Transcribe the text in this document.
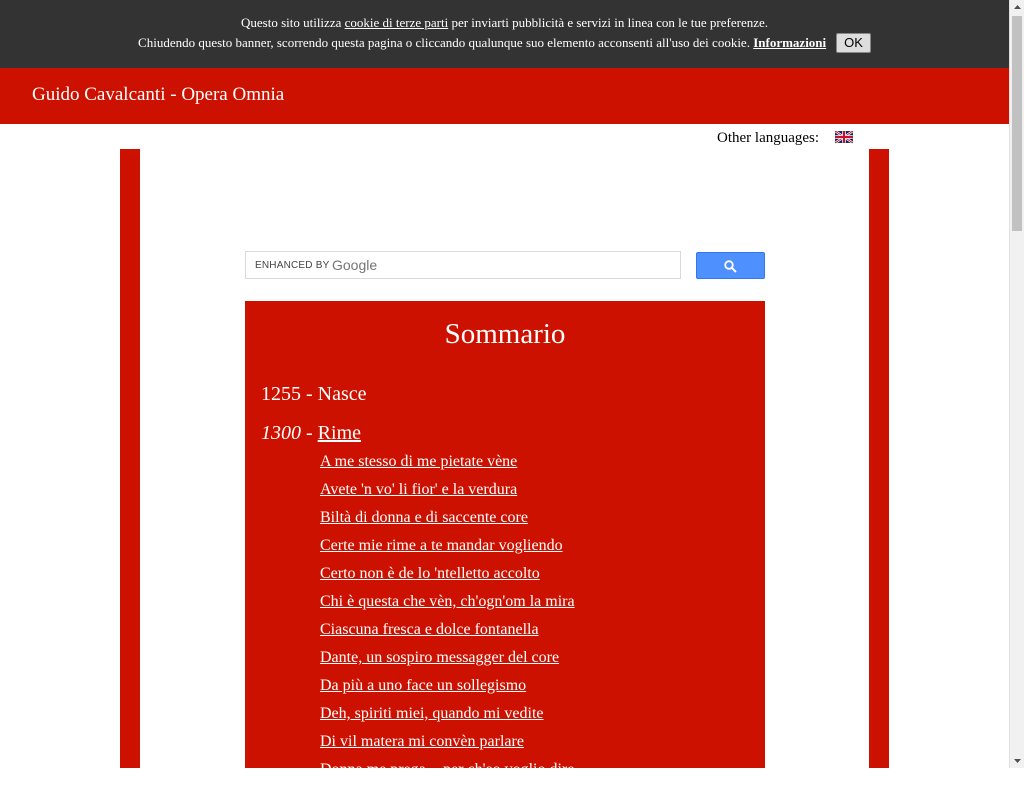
Questo sito utilizza cookie di terze parti per inviarti pubblicità e servizi in linea con le tue preferenze.
Chiudendo questo banner, scorrendo questa pagina o cliccando qualunque suo elemento acconsenti all'uso dei cookie. Informazioni OK
Guido Cavalcanti - Opera Omnia
Other languages:
ENHANCED BY Google
Sommario
1255 - Nasce
1300 - Rime
A me stesso di me pietate vène
Avete 'n vo' li fior' e la verdura
Biltà di donna e di saccente core
Certe mie rime a te mandar vogliendo
Certo non è de lo 'ntelletto accolto
Chi è questa che vèn, ch'ogn'om la mira
Ciascuna fresca e dolce fontanella
Dante, un sospiro messagger del core
Da più a uno face un sollegismo
Deh, spiriti miei, quando mi vedite
Di vil matera mi convèn parlare
Donna me prega, - per ch'eo voglio dire
